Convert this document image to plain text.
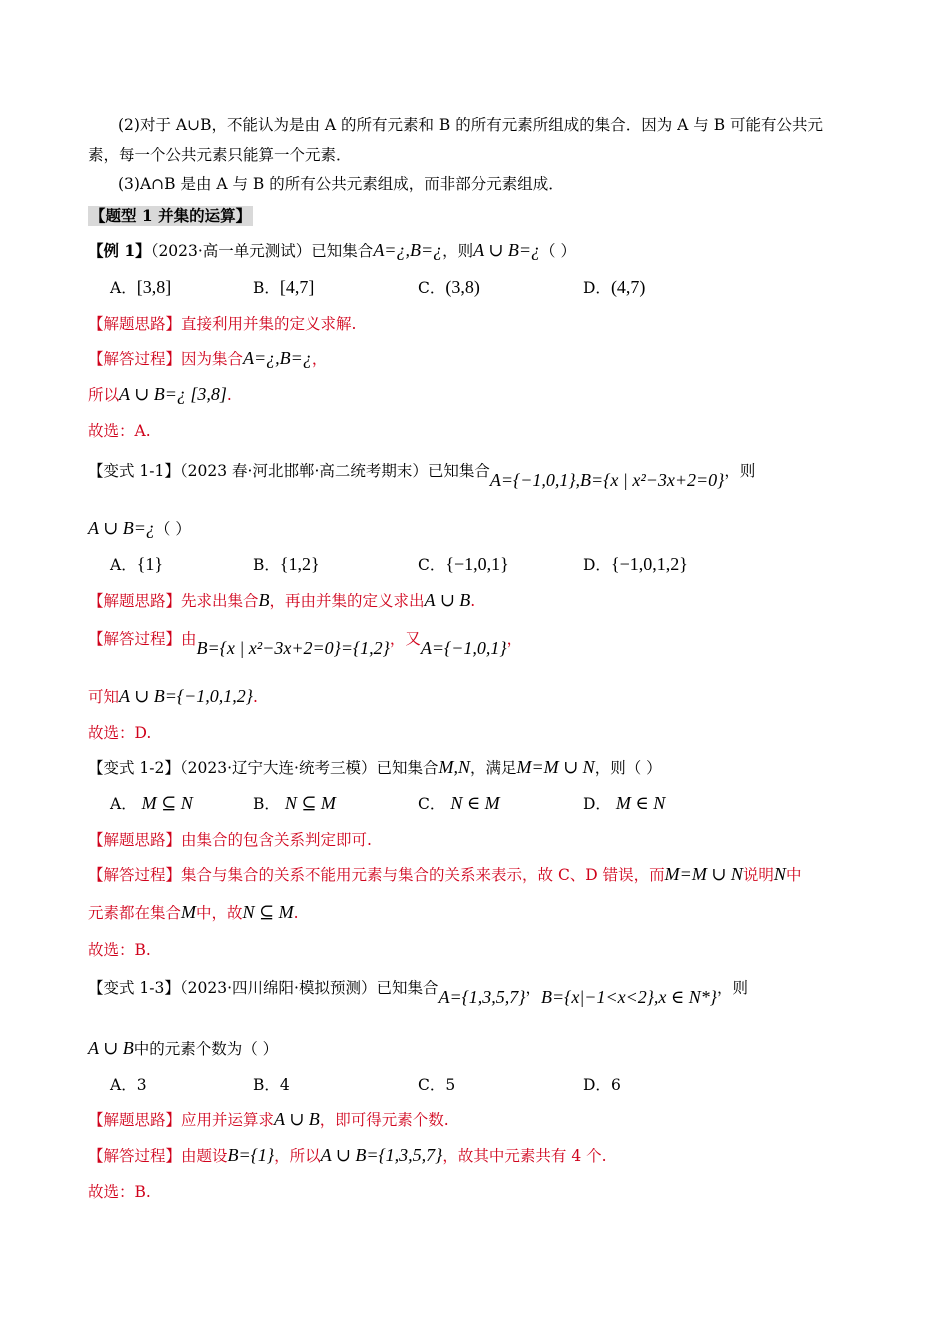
(2)对于 A∪B，不能认为是由 A 的所有元素和 B 的所有元素所组成的集合．因为 A 与 B 可能有公共元
素，每一个公共元素只能算一个元素．
(3)A∩B 是由 A 与 B 的所有公共元素组成，而非部分元素组成．
【题型 1 并集的运算】
【例 1】（2023·高一单元测试）已知集合A=¿,B=¿，则A ∪ B=¿（ ）
A．[3,8]	B．[4,7]	C．(3,8)	D．(4,7)
【解题思路】直接利用并集的定义求解.
【解答过程】因为集合A=¿,B=¿，
所以A ∪ B=¿ [3,8].
故选：A.
【变式 1-1】（2023 春·河北邯郸·高二统考期末）已知集合A={−1,0,1},B={x | x²−3x+2=0}，则
A ∪ B=¿（ ）
A．{1}	B．{1,2}	C．{−1,0,1}	D．{−1,0,1,2}
【解题思路】先求出集合B，再由并集的定义求出A ∪ B.
【解答过程】由B={x | x²−3x+2=0}={1,2}，又A={−1,0,1}，
可知A ∪ B={−1,0,1,2}.
故选：D.
【变式 1-2】（2023·辽宁大连·统考三模）已知集合M,N，满足M=M ∪ N，则（ ）
A． M ⊆ N	B． N ⊆ M	C． N ∈ M	D． M ∈ N
【解题思路】由集合的包含关系判定即可.
【解答过程】集合与集合的关系不能用元素与集合的关系来表示，故 C、D 错误，而M=M ∪ N说明N中
元素都在集合M中，故N ⊆ M.
故选：B.
【变式 1-3】（2023·四川绵阳·模拟预测）已知集合A={1,3,5,7}，B={x|−1<x<2},x ∈ N*}，则
A ∪ B中的元素个数为（ ）
A．3	B．4	C．5	D．6
【解题思路】应用并运算求A ∪ B，即可得元素个数.
【解答过程】由题设B={1}，所以A ∪ B={1,3,5,7}，故其中元素共有 4 个.
故选：B.
